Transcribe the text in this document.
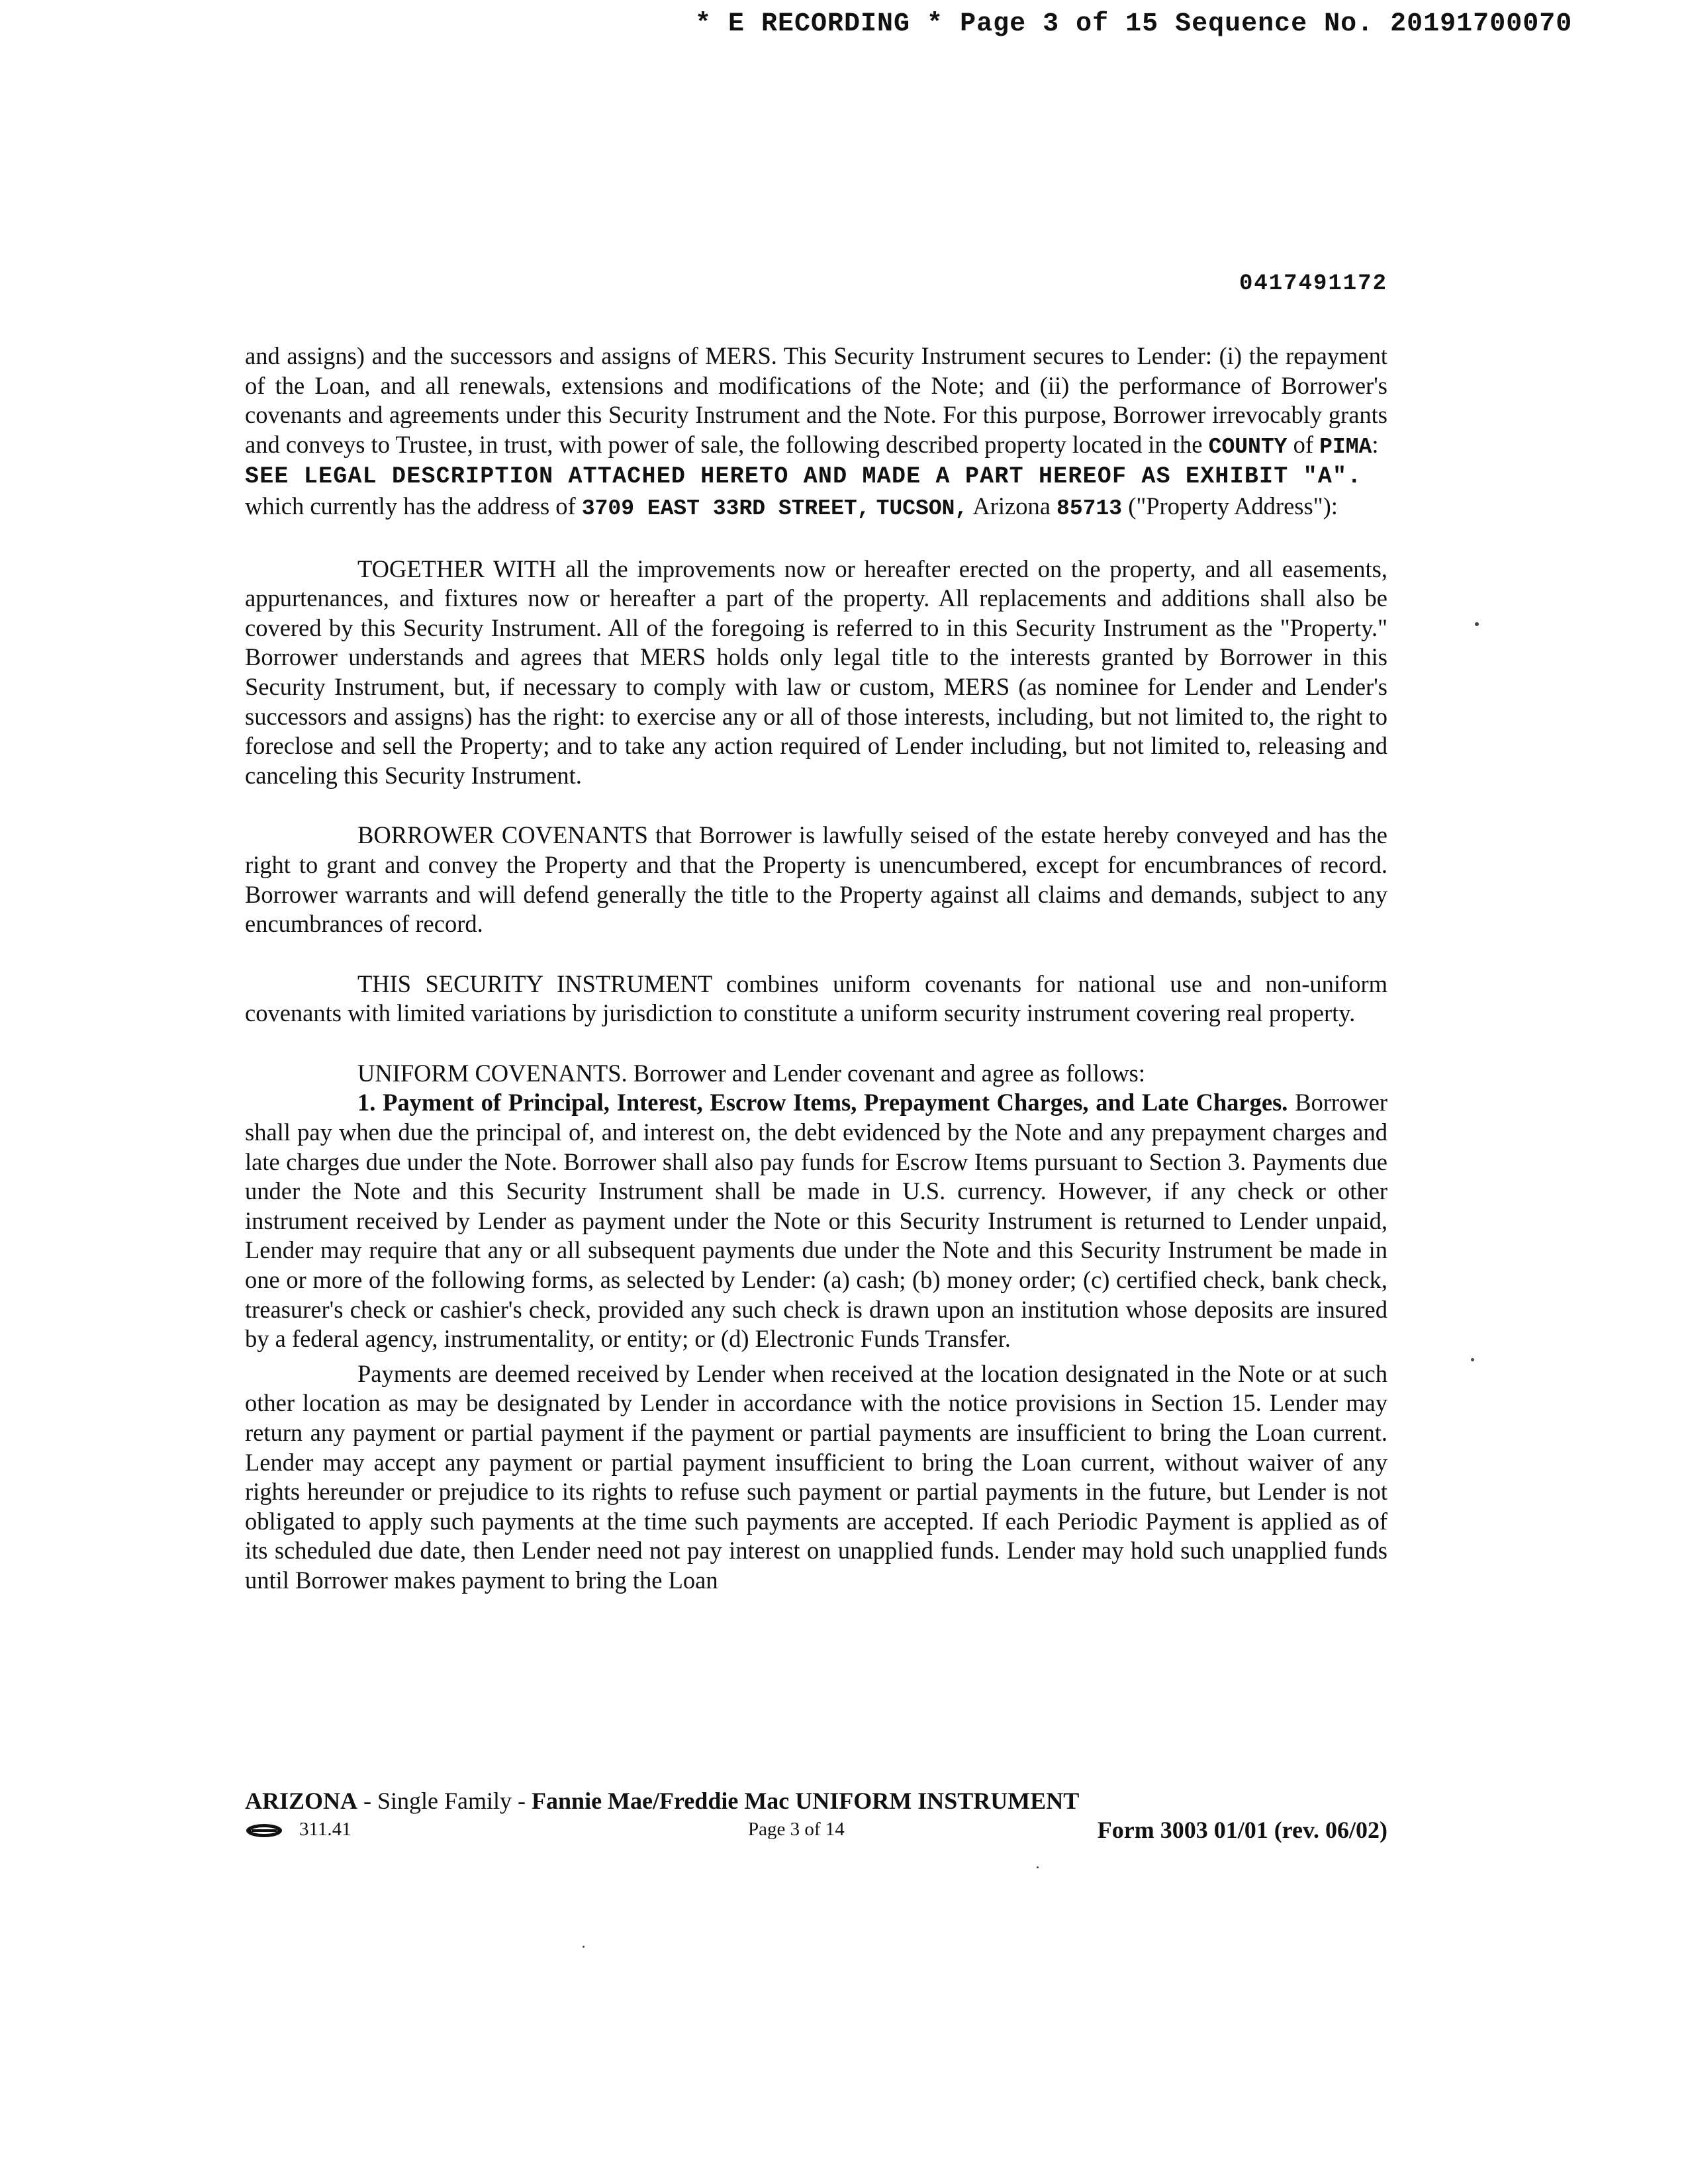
* E RECORDING * Page 3 of 15 Sequence No. 20191700070
0417491172

and assigns) and the successors and assigns of MERS. This Security Instrument secures to Lender: (i) the repayment of the Loan, and all renewals, extensions and modifications of the Note; and (ii) the performance of Borrower's covenants and agreements under this Security Instrument and the Note. For this purpose, Borrower irrevocably grants and conveys to Trustee, in trust, with power of sale, the following described property located in the COUNTY of PIMA:

SEE LEGAL DESCRIPTION ATTACHED HERETO AND MADE A PART HEREOF AS EXHIBIT "A".

which currently has the address of 3709 EAST 33RD STREET, TUCSON, Arizona 85713 ("Property Address"):

TOGETHER WITH all the improvements now or hereafter erected on the property, and all easements, appurtenances, and fixtures now or hereafter a part of the property. All replacements and additions shall also be covered by this Security Instrument. All of the foregoing is referred to in this Security Instrument as the "Property." Borrower understands and agrees that MERS holds only legal title to the interests granted by Borrower in this Security Instrument, but, if necessary to comply with law or custom, MERS (as nominee for Lender and Lender's successors and assigns) has the right: to exercise any or all of those interests, including, but not limited to, the right to foreclose and sell the Property; and to take any action required of Lender including, but not limited to, releasing and canceling this Security Instrument.

BORROWER COVENANTS that Borrower is lawfully seised of the estate hereby conveyed and has the right to grant and convey the Property and that the Property is unencumbered, except for encumbrances of record. Borrower warrants and will defend generally the title to the Property against all claims and demands, subject to any encumbrances of record.

THIS SECURITY INSTRUMENT combines uniform covenants for national use and non-uniform covenants with limited variations by jurisdiction to constitute a uniform security instrument covering real property.

UNIFORM COVENANTS. Borrower and Lender covenant and agree as follows:

1. Payment of Principal, Interest, Escrow Items, Prepayment Charges, and Late Charges. Borrower shall pay when due the principal of, and interest on, the debt evidenced by the Note and any prepayment charges and late charges due under the Note. Borrower shall also pay funds for Escrow Items pursuant to Section 3. Payments due under the Note and this Security Instrument shall be made in U.S. currency. However, if any check or other instrument received by Lender as payment under the Note or this Security Instrument is returned to Lender unpaid, Lender may require that any or all subsequent payments due under the Note and this Security Instrument be made in one or more of the following forms, as selected by Lender: (a) cash; (b) money order; (c) certified check, bank check, treasurer's check or cashier's check, provided any such check is drawn upon an institution whose deposits are insured by a federal agency, instrumentality, or entity; or (d) Electronic Funds Transfer.

Payments are deemed received by Lender when received at the location designated in the Note or at such other location as may be designated by Lender in accordance with the notice provisions in Section 15. Lender may return any payment or partial payment if the payment or partial payments are insufficient to bring the Loan current. Lender may accept any payment or partial payment insufficient to bring the Loan current, without waiver of any rights hereunder or prejudice to its rights to refuse such payment or partial payments in the future, but Lender is not obligated to apply such payments at the time such payments are accepted. If each Periodic Payment is applied as of its scheduled due date, then Lender need not pay interest on unapplied funds. Lender may hold such unapplied funds until Borrower makes payment to bring the Loan

ARIZONA - Single Family - Fannie Mae/Freddie Mac UNIFORM INSTRUMENT
311.41	Page 3 of 14	Form 3003 01/01 (rev. 06/02)
